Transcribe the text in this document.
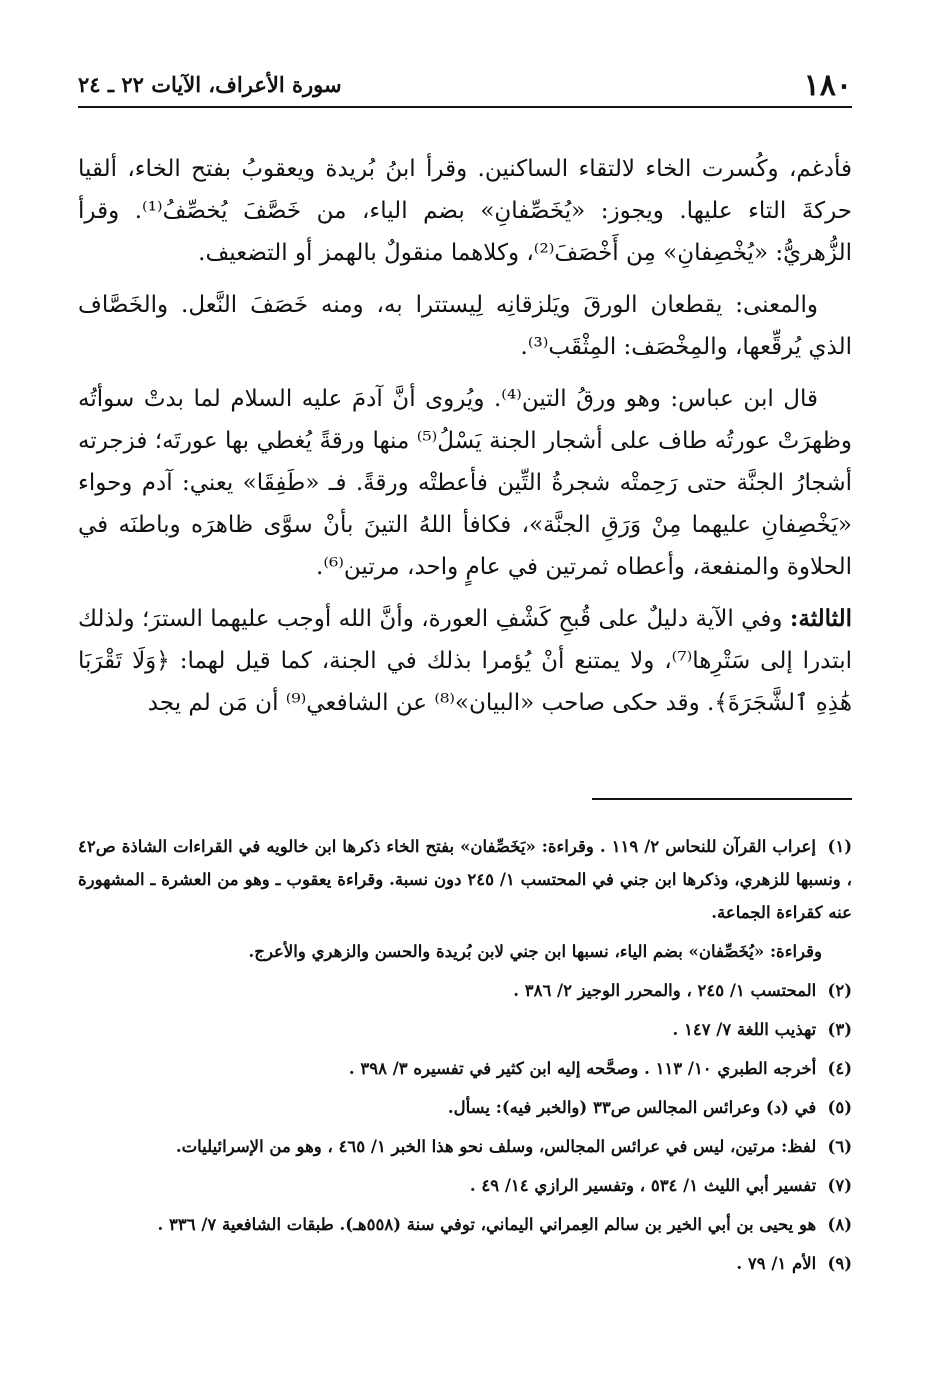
١٨٠
سورة الأعراف، الآيات ٢٢ ـ ٢٤

فأدغم، وكُسرت الخاء لالتقاء الساكنين. وقرأ ابنُ بُريدة ويعقوبُ بفتح الخاء، ألقيا حركةَ التاء عليها. ويجوز: «يُخَصِّفانِ» بضم الياء، من خَصَّفَ يُخصِّفُ⁽¹⁾. وقرأ الزُّهريُّ: «يُخْصِفانِ» مِن أَخْصَفَ⁽²⁾، وكلاهما منقولٌ بالهمز أو التضعيف.

والمعنى: يقطعان الورقَ ويَلزقانِه لِيستترا به، ومنه خَصَفَ النَّعل. والخَصَّاف الذي يُرقِّعها، والمِخْصَف: المِثْقَب⁽³⁾.

قال ابن عباس: وهو ورقُ التين⁽⁴⁾. ويُروى أنَّ آدمَ عليه السلام لما بدتْ سوأتُه وظهرَتْ عورتُه طاف على أشجار الجنة يَسْلُ⁽⁵⁾ منها ورقةً يُغطي بها عورتَه؛ فزجرته أشجارُ الجنَّة حتى رَحِمتْه شجرةُ التِّين فأعطتْه ورقةً. فـ «طَفِقَا» يعني: آدم وحواء «يَخْصِفانِ عليهما مِنْ وَرَقِ الجنَّة»، فكافأ اللهُ التينَ بأنْ سوَّى ظاهرَه وباطنَه في الحلاوة والمنفعة، وأعطاه ثمرتين في عامٍ واحد، مرتين⁽⁶⁾.

الثالثة: وفي الآية دليلٌ على قُبحِ كَشْفِ العورة، وأنَّ الله أوجب عليهما السترَ؛ ولذلك ابتدرا إلى سَتْرِها⁽⁷⁾، ولا يمتنع أنْ يُؤمرا بذلك في الجنة، كما قيل لهما: ﴿وَلَا تَقْرَبَا هَٰذِهِ ٱلشَّجَرَةَ﴾. وقد حكى صاحب «البيان»⁽⁸⁾ عن الشافعي⁽⁹⁾ أن مَن لم يجد

(١) إعراب القرآن للنحاس ٢/ ١١٩ . وقراءة: «يَخَصِّفان» بفتح الخاء ذكرها ابن خالويه في القراءات الشاذة ص٤٢ ، ونسبها للزهري، وذكرها ابن جني في المحتسب ١/ ٢٤٥ دون نسبة. وقراءة يعقوب ـ وهو من العشرة ـ المشهورة عنه كقراءة الجماعة.
وقراءة: «يُخَصِّفان» بضم الياء، نسبها ابن جني لابن بُريدة والحسن والزهري والأعرج.
(٢) المحتسب ١/ ٢٤٥ ، والمحرر الوجيز ٢/ ٣٨٦ .
(٣) تهذيب اللغة ٧/ ١٤٧ .
(٤) أخرجه الطبري ١٠/ ١١٣ . وصحَّحه إليه ابن كثير في تفسيره ٣/ ٣٩٨ .
(٥) في (د) وعرائس المجالس ص٣٣ (والخبر فيه): يسأل.
(٦) لفظ: مرتين، ليس في عرائس المجالس، وسلف نحو هذا الخبر ١/ ٤٦٥ ، وهو من الإسرائيليات.
(٧) تفسير أبي الليث ١/ ٥٣٤ ، وتفسير الرازي ١٤/ ٤٩ .
(٨) هو يحيى بن أبي الخير بن سالم العِمراني اليماني، توفي سنة (٥٥٨هـ). طبقات الشافعية ٧/ ٣٣٦ .
(٩) الأم ١/ ٧٩ .
